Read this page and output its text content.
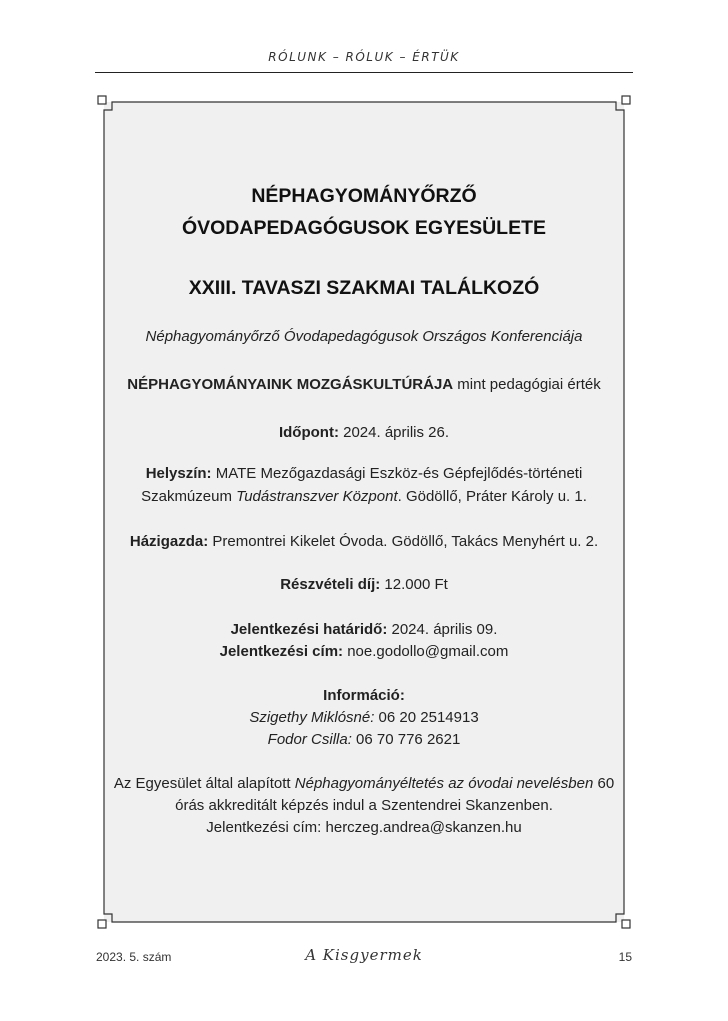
RÓLUNK – RÓLUK – ÉRTÜK
NÉPHAGYOMÁNYŐRZŐ
ÓVODAPEDAGÓGUSOK EGYESÜLETE
XXIII. TAVASZI SZAKMAI TALÁLKOZÓ
Néphagyományőrző Óvodapedagógusok Országos Konferenciája
NÉPHAGYOMÁNYAINK MOZGÁSKULTÚRÁJA mint pedagógiai érték
Időpont: 2024. április 26.
Helyszín: MATE Mezőgazdasági Eszköz-és Gépfejlődés-történeti
Szakmúzeum Tudástranszver Központ. Gödöllő, Práter Károly u. 1.
Házigazda: Premontrei Kikelet Óvoda. Gödöllő, Takács Menyhért u. 2.
Részvételi díj: 12.000 Ft
Jelentkezési határidő: 2024. április 09.
Jelentkezési cím: noe.godollo@gmail.com
Információ:
Szigethy Miklósné: 06 20 2514913
Fodor Csilla: 06 70 776 2621
Az Egyesület által alapított Néphagyományéltetés az óvodai nevelésben 60
órás akkreditált képzés indul a Szentendrei Skanzenben.
Jelentkezési cím: herczeg.andrea@skanzen.hu
2023. 5. szám	A Kisgyermek	15
